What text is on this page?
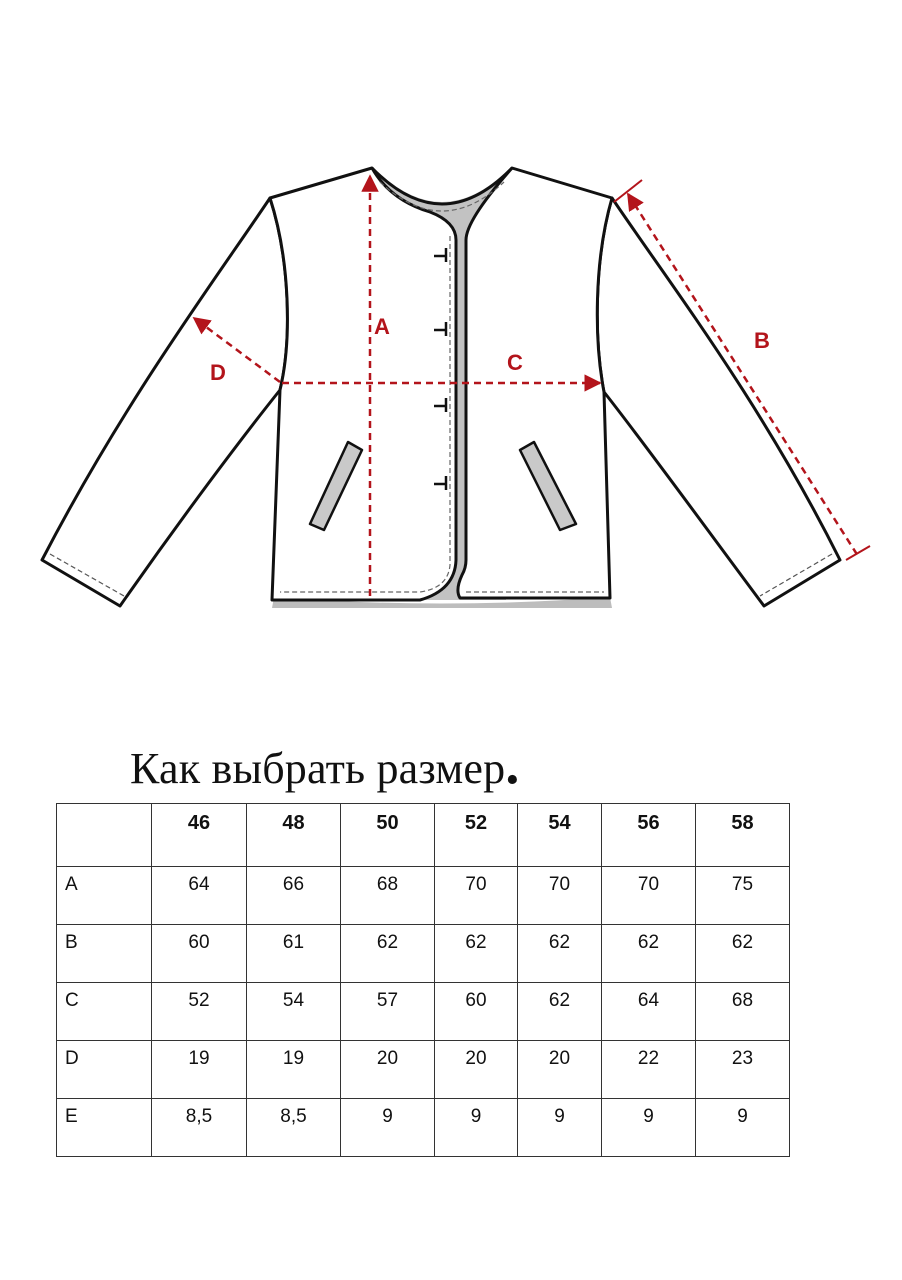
A
B
C
D
Как выбрать размер.
	46	48	50	52	54	56	58
A	64	66	68	70	70	70	75
B	60	61	62	62	62	62	62
C	52	54	57	60	62	64	68
D	19	19	20	20	20	22	23
E	8,5	8,5	9	9	9	9	9
